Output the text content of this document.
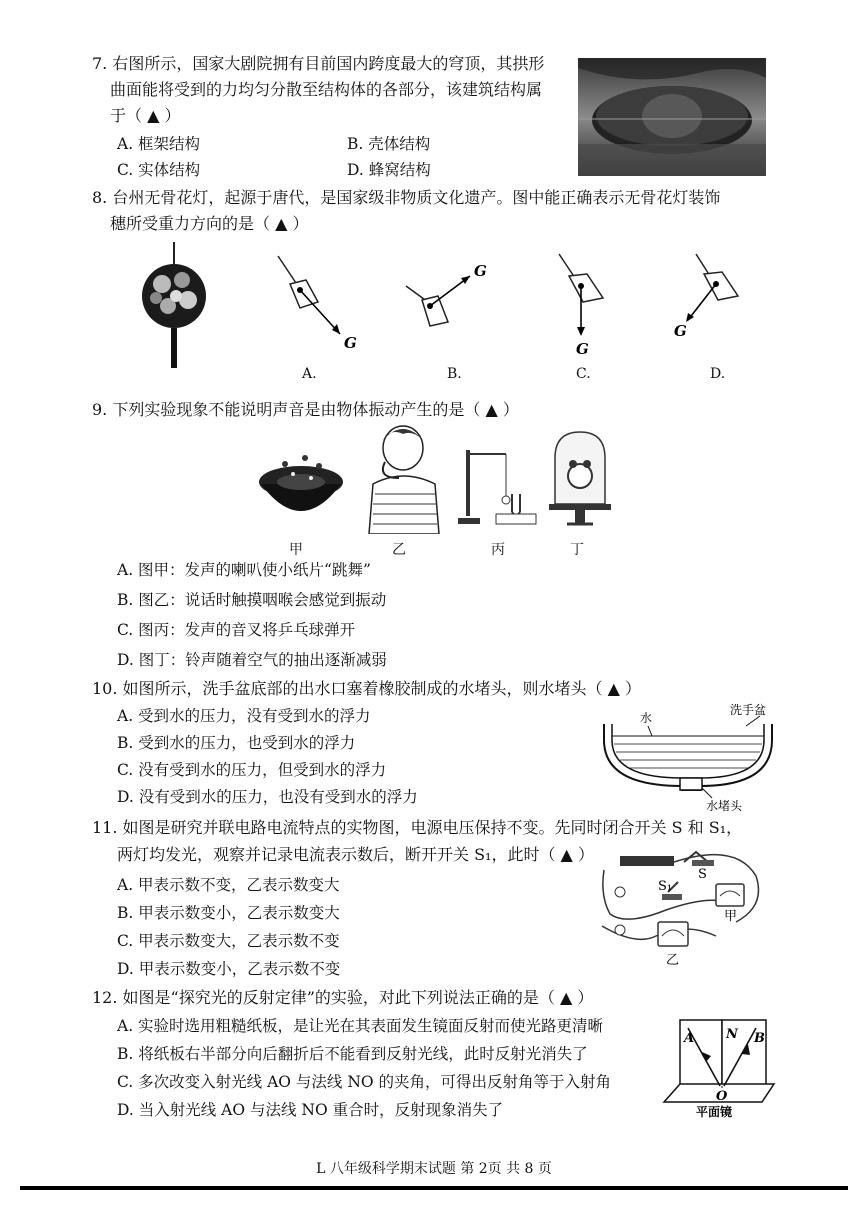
7. 右图所示，国家大剧院拥有目前国内跨度最大的穹顶，其拱形
曲面能将受到的力均匀分散至结构体的各部分，该建筑结构属
于（ ▲ ）
A. 框架结构	B. 壳体结构
C. 实体结构	D. 蜂窝结构
8. 台州无骨花灯，起源于唐代，是国家级非物质文化遗产。图中能正确表示无骨花灯装饰
穗所受重力方向的是（ ▲ ）
G
A.
G
B.
G
C.
G
D.
9. 下列实验现象不能说明声音是由物体振动产生的是（ ▲ ）
甲	乙	丙	丁
A. 图甲：发声的喇叭使小纸片“跳舞”
B. 图乙：说话时触摸咽喉会感觉到振动
C. 图丙：发声的音叉将乒乓球弹开
D. 图丁：铃声随着空气的抽出逐渐减弱
10. 如图所示，洗手盆底部的出水口塞着橡胶制成的水堵头，则水堵头（ ▲ ）
A. 受到水的压力，没有受到水的浮力
B. 受到水的压力，也受到水的浮力
C. 没有受到水的压力，但受到水的浮力
D. 没有受到水的压力，也没有受到水的浮力
水
洗手盆
水堵头
11. 如图是研究并联电路电流特点的实物图，电源电压保持不变。先同时闭合开关 S 和 S₁，
两灯均发光，观察并记录电流表示数后，断开开关 S₁，此时（ ▲ ）
A. 甲表示数不变，乙表示数变大
B. 甲表示数变小，乙表示数变大
C. 甲表示数变大，乙表示数不变
D. 甲表示数变小，乙表示数不变
S
S₁
甲
乙
12. 如图是“探究光的反射定律”的实验，对此下列说法正确的是（ ▲ ）
A. 实验时选用粗糙纸板，是让光在其表面发生镜面反射而使光路更清晰
B. 将纸板右半部分向后翻折后不能看到反射光线，此时反射光消失了
C. 多次改变入射光线 AO 与法线 NO 的夹角，可得出反射角等于入射角
D. 当入射光线 AO 与法线 NO 重合时，反射现象消失了
A N B
O
平面镜
L 八年级科学期末试题 第 2页 共 8 页
